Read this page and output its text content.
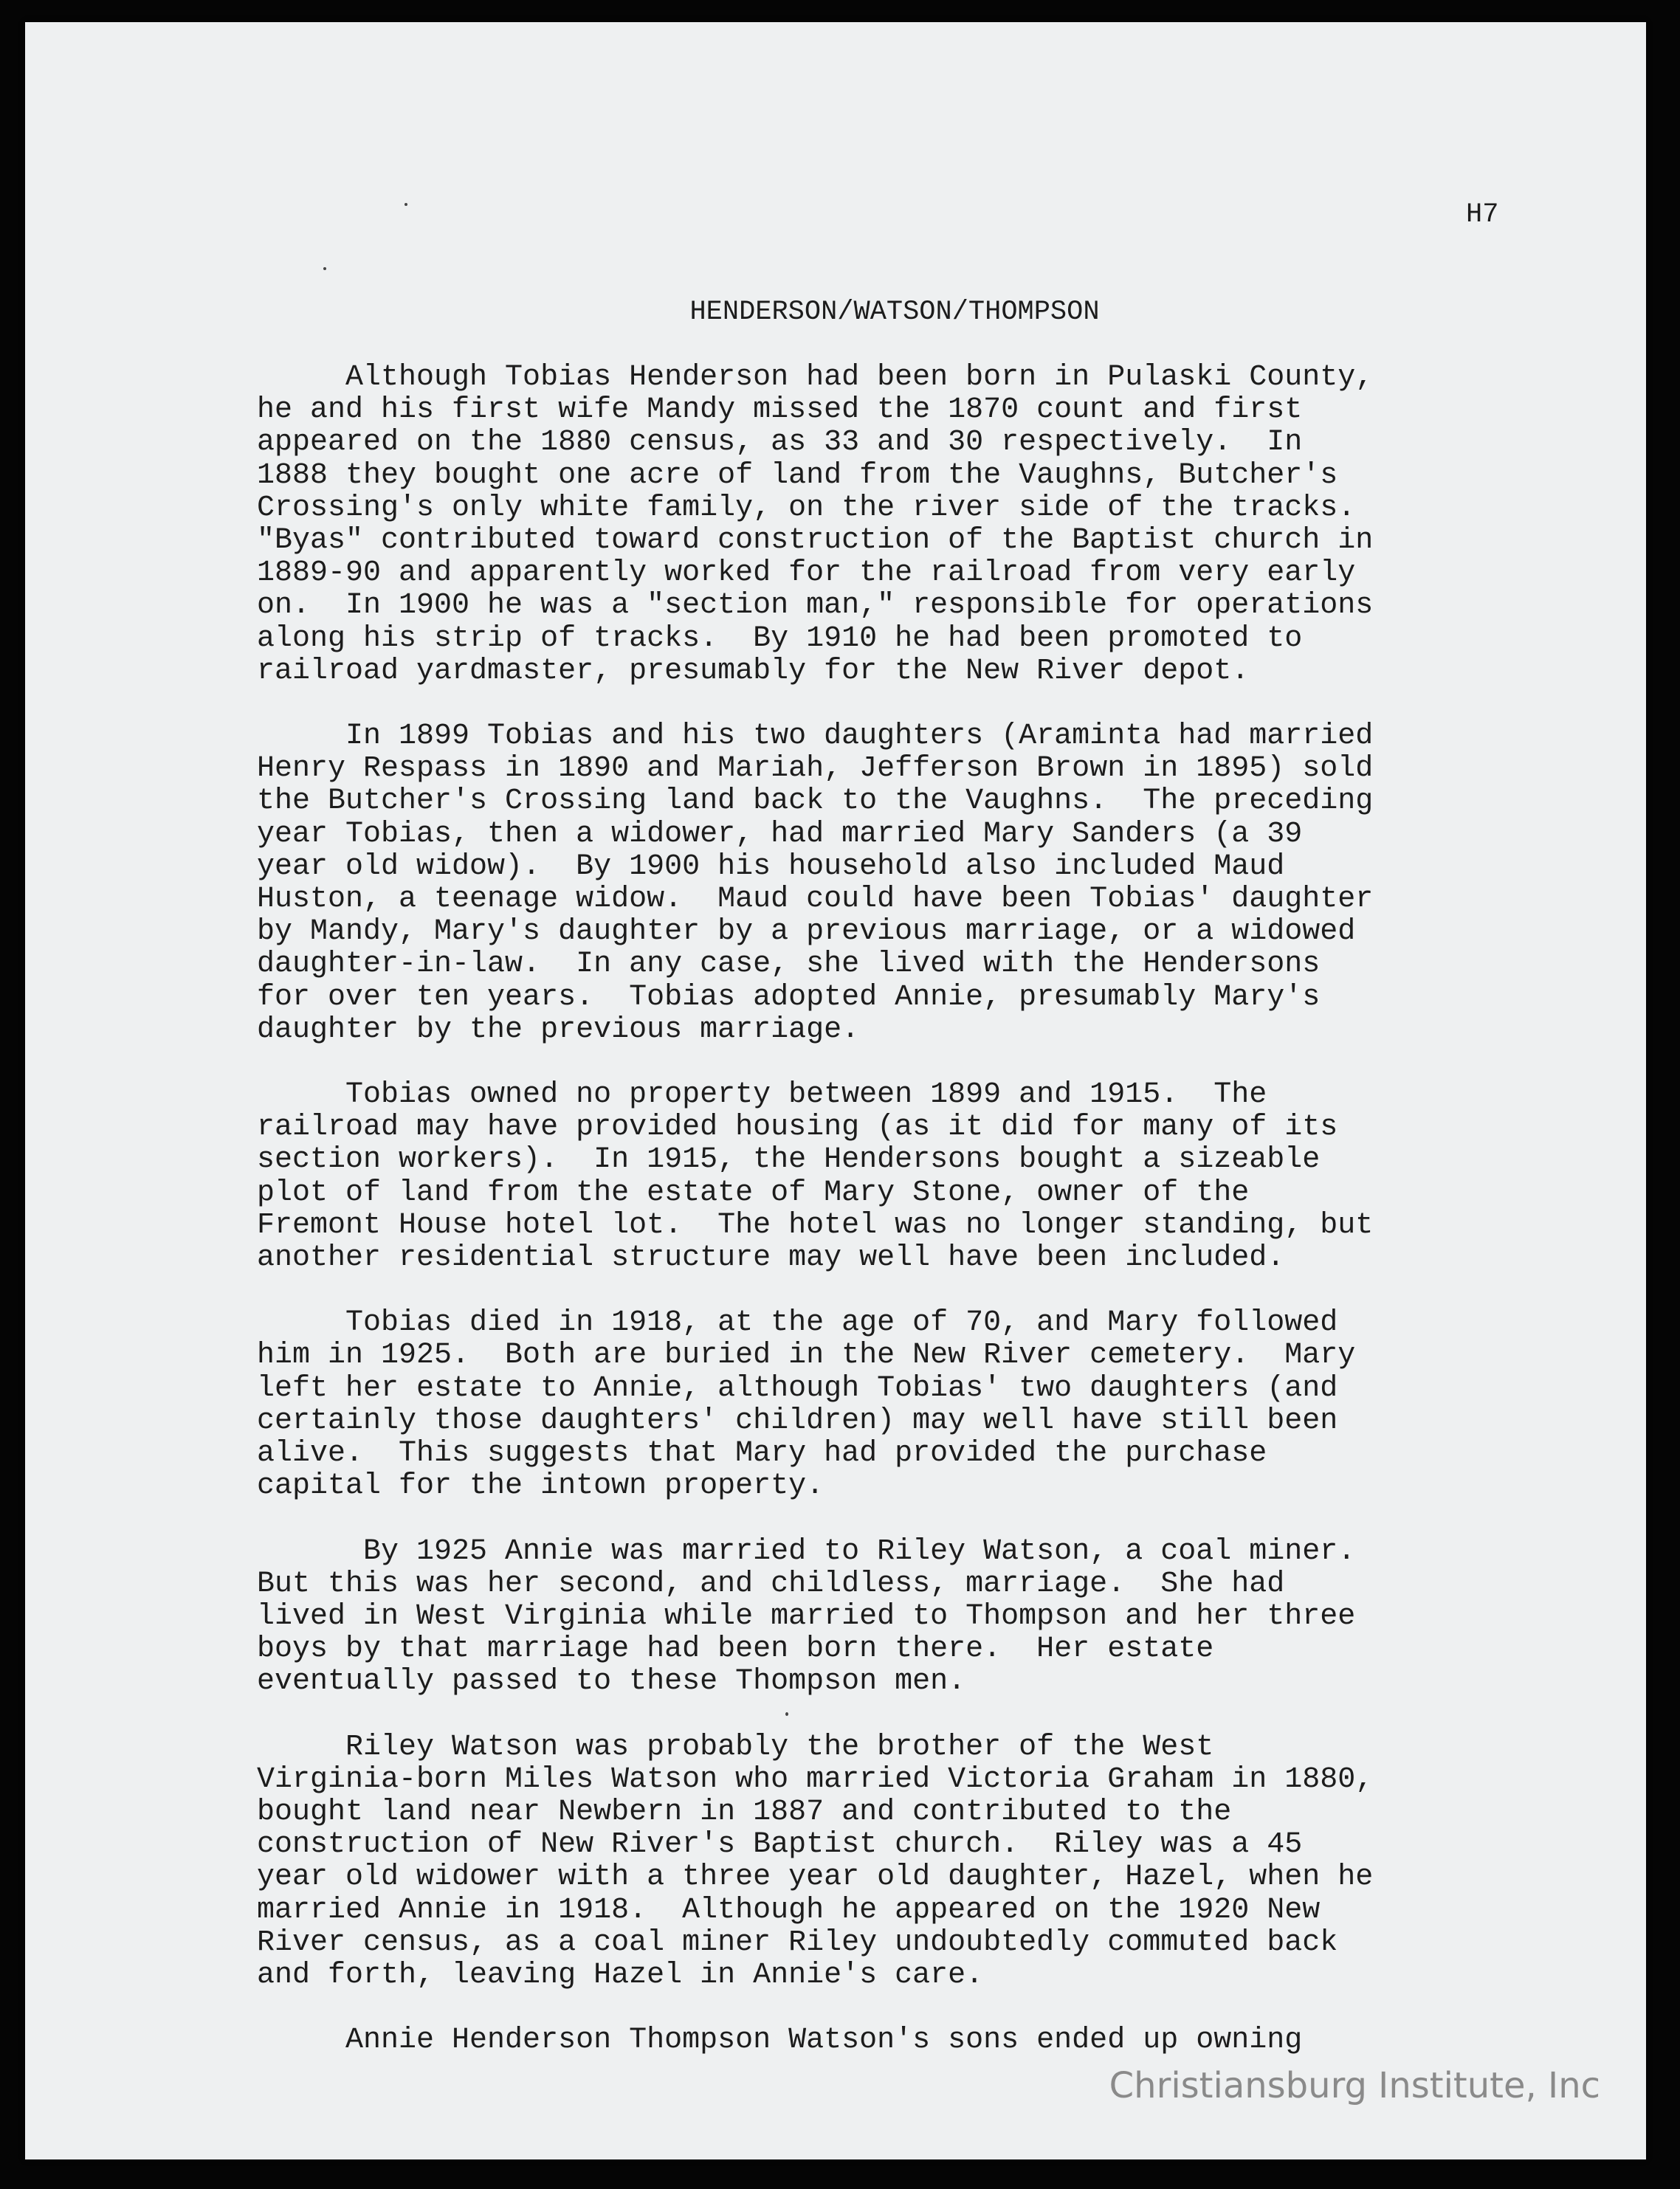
H7

HENDERSON/WATSON/THOMPSON

Although Tobias Henderson had been born in Pulaski County,
he and his first wife Mandy missed the 1870 count and first
appeared on the 1880 census, as 33 and 30 respectively.  In
1888 they bought one acre of land from the Vaughns, Butcher's
Crossing's only white family, on the river side of the tracks.
"Byas" contributed toward construction of the Baptist church in
1889-90 and apparently worked for the railroad from very early
on.  In 1900 he was a "section man," responsible for operations
along his strip of tracks.  By 1910 he had been promoted to
railroad yardmaster, presumably for the New River depot.
In 1899 Tobias and his two daughters (Araminta had married
Henry Respass in 1890 and Mariah, Jefferson Brown in 1895) sold
the Butcher's Crossing land back to the Vaughns.  The preceding
year Tobias, then a widower, had married Mary Sanders (a 39
year old widow).  By 1900 his household also included Maud
Huston, a teenage widow.  Maud could have been Tobias' daughter
by Mandy, Mary's daughter by a previous marriage, or a widowed
daughter-in-law.  In any case, she lived with the Hendersons
for over ten years.  Tobias adopted Annie, presumably Mary's
daughter by the previous marriage.
Tobias owned no property between 1899 and 1915.  The
railroad may have provided housing (as it did for many of its
section workers).  In 1915, the Hendersons bought a sizeable
plot of land from the estate of Mary Stone, owner of the
Fremont House hotel lot.  The hotel was no longer standing, but
another residential structure may well have been included.
Tobias died in 1918, at the age of 70, and Mary followed
him in 1925.  Both are buried in the New River cemetery.  Mary
left her estate to Annie, although Tobias' two daughters (and
certainly those daughters' children) may well have still been
alive.  This suggests that Mary had provided the purchase
capital for the intown property.
By 1925 Annie was married to Riley Watson, a coal miner.
But this was her second, and childless, marriage.  She had
lived in West Virginia while married to Thompson and her three
boys by that marriage had been born there.  Her estate
eventually passed to these Thompson men.
Riley Watson was probably the brother of the West
Virginia-born Miles Watson who married Victoria Graham in 1880,
bought land near Newbern in 1887 and contributed to the
construction of New River's Baptist church.  Riley was a 45
year old widower with a three year old daughter, Hazel, when he
married Annie in 1918.  Although he appeared on the 1920 New
River census, as a coal miner Riley undoubtedly commuted back
and forth, leaving Hazel in Annie's care.
Annie Henderson Thompson Watson's sons ended up owning

Christiansburg Institute, Inc
